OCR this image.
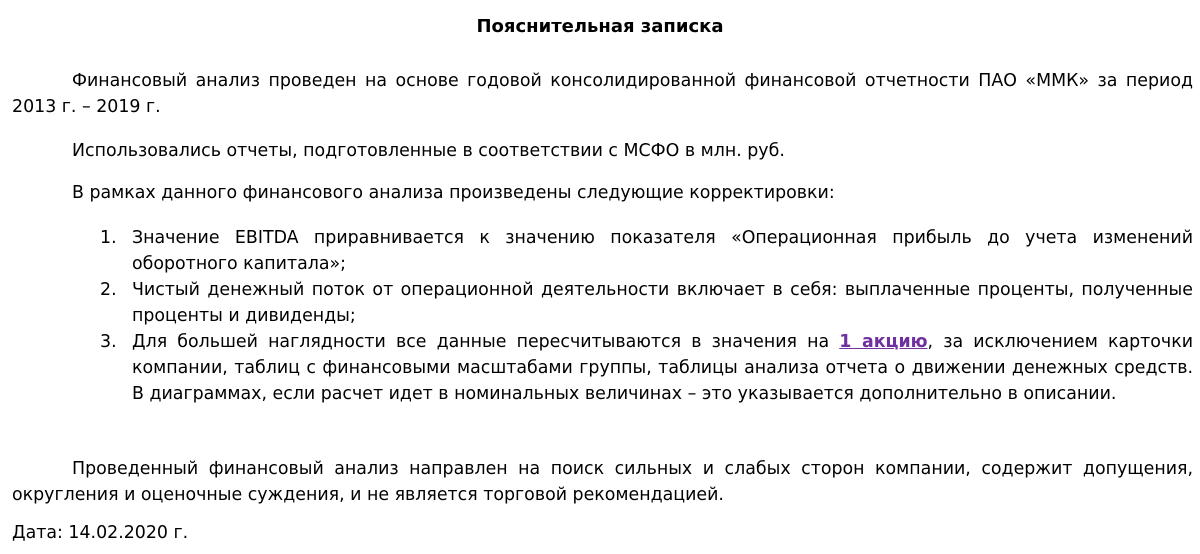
Пояснительная записка

Финансовый анализ проведен на основе годовой консолидированной финансовой отчетности ПАО «ММК» за период 2013 г. – 2019 г.

Использовались отчеты, подготовленные в соответствии с МСФО в млн. руб.

В рамках данного финансового анализа произведены следующие корректировки:

1. Значение EBITDA приравнивается к значению показателя «Операционная прибыль до учета изменений оборотного капитала»;
2. Чистый денежный поток от операционной деятельности включает в себя: выплаченные проценты, полученные проценты и дивиденды;
3. Для большей наглядности все данные пересчитываются в значения на 1 акцию, за исключением карточки компании, таблиц с финансовыми масштабами группы, таблицы анализа отчета о движении денежных средств. В диаграммах, если расчет идет в номинальных величинах – это указывается дополнительно в описании.

Проведенный финансовый анализ направлен на поиск сильных и слабых сторон компании, содержит допущения, округления и оценочные суждения, и не является торговой рекомендацией.

Дата: 14.02.2020 г.
